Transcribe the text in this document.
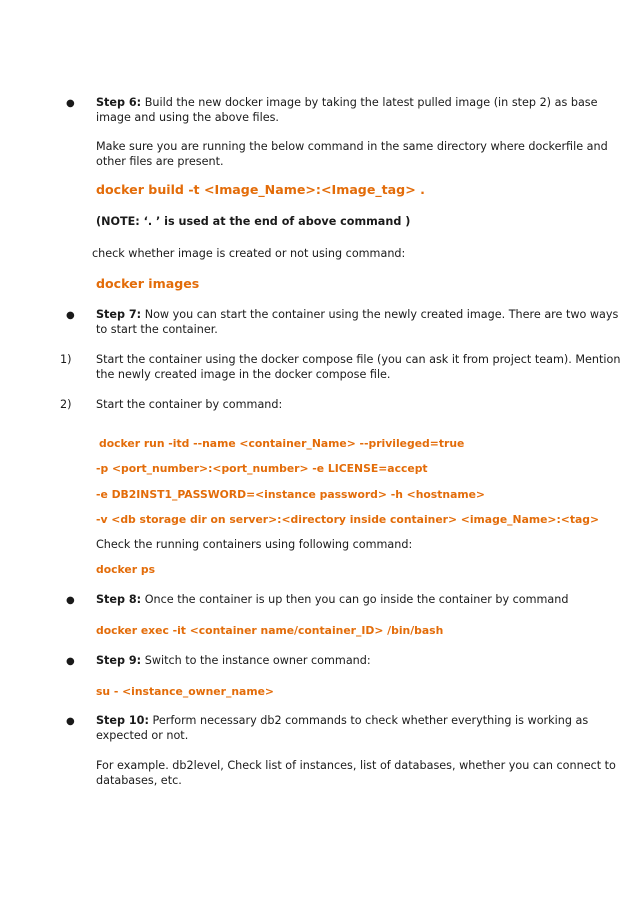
● Step 6: Build the new docker image by taking the latest pulled image (in step 2) as base
image and using the above files.
Make sure you are running the below command in the same directory where dockerfile and
other files are present.
docker build -t <Image_Name>:<Image_tag> .
(NOTE: ‘. ’ is used at the end of above command )
check whether image is created or not using command:
docker images
● Step 7: Now you can start the container using the newly created image. There are two ways
to start the container.
1) Start the container using the docker compose file (you can ask it from project team). Mention
the newly created image in the docker compose file.
2) Start the container by command:
docker run -itd --name <container_Name> --privileged=true
-p <port_number>:<port_number> -e LICENSE=accept
-e DB2INST1_PASSWORD=<instance password> -h <hostname>
-v <db storage dir on server>:<directory inside container> <image_Name>:<tag>
Check the running containers using following command:
docker ps
● Step 8: Once the container is up then you can go inside the container by command
docker exec -it <container name/container_ID> /bin/bash
● Step 9: Switch to the instance owner command:
su - <instance_owner_name>
● Step 10: Perform necessary db2 commands to check whether everything is working as
expected or not.
For example. db2level, Check list of instances, list of databases, whether you can connect to
databases, etc.
